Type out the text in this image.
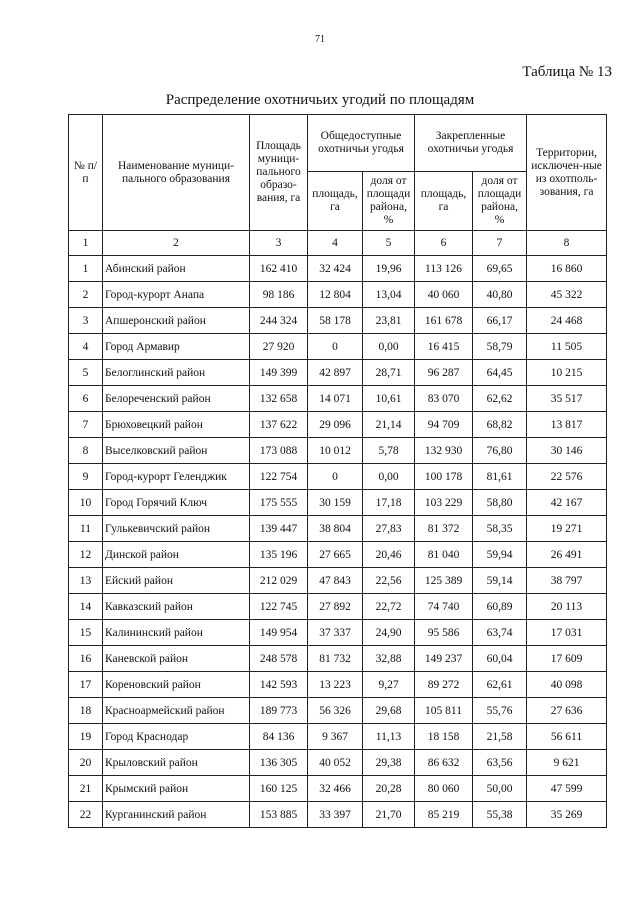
71
Таблица № 13
Распределение охотничьих угодий по площадям
№ п/п	Наименование муници-пального образования	Площадь муници-пального образо-вания, га	Общедоступные охотничьи угодья		Закрепленные охотничьи угодья		Территории, исключен-ные из охотполь-зования, га
			площадь, га	доля от площади района, %	площадь, га	доля от площади района, %	
1	2	3	4	5	6	7	8
1	Абинский район	162 410	32 424	19,96	113 126	69,65	16 860
2	Город-курорт Анапа	98 186	12 804	13,04	40 060	40,80	45 322
3	Апшеронский район	244 324	58 178	23,81	161 678	66,17	24 468
4	Город Армавир	27 920	0	0,00	16 415	58,79	11 505
5	Белоглинский район	149 399	42 897	28,71	96 287	64,45	10 215
6	Белореченский район	132 658	14 071	10,61	83 070	62,62	35 517
7	Брюховецкий район	137 622	29 096	21,14	94 709	68,82	13 817
8	Выселковский район	173 088	10 012	5,78	132 930	76,80	30 146
9	Город-курорт Геленджик	122 754	0	0,00	100 178	81,61	22 576
10	Город Горячий Ключ	175 555	30 159	17,18	103 229	58,80	42 167
11	Гулькевичский район	139 447	38 804	27,83	81 372	58,35	19 271
12	Динской район	135 196	27 665	20,46	81 040	59,94	26 491
13	Ейский район	212 029	47 843	22,56	125 389	59,14	38 797
14	Кавказский район	122 745	27 892	22,72	74 740	60,89	20 113
15	Калининский район	149 954	37 337	24,90	95 586	63,74	17 031
16	Каневской район	248 578	81 732	32,88	149 237	60,04	17 609
17	Кореновский район	142 593	13 223	9,27	89 272	62,61	40 098
18	Красноармейский район	189 773	56 326	29,68	105 811	55,76	27 636
19	Город Краснодар	84 136	9 367	11,13	18 158	21,58	56 611
20	Крыловский район	136 305	40 052	29,38	86 632	63,56	9 621
21	Крымский район	160 125	32 466	20,28	80 060	50,00	47 599
22	Курганинский район	153 885	33 397	21,70	85 219	55,38	35 269
